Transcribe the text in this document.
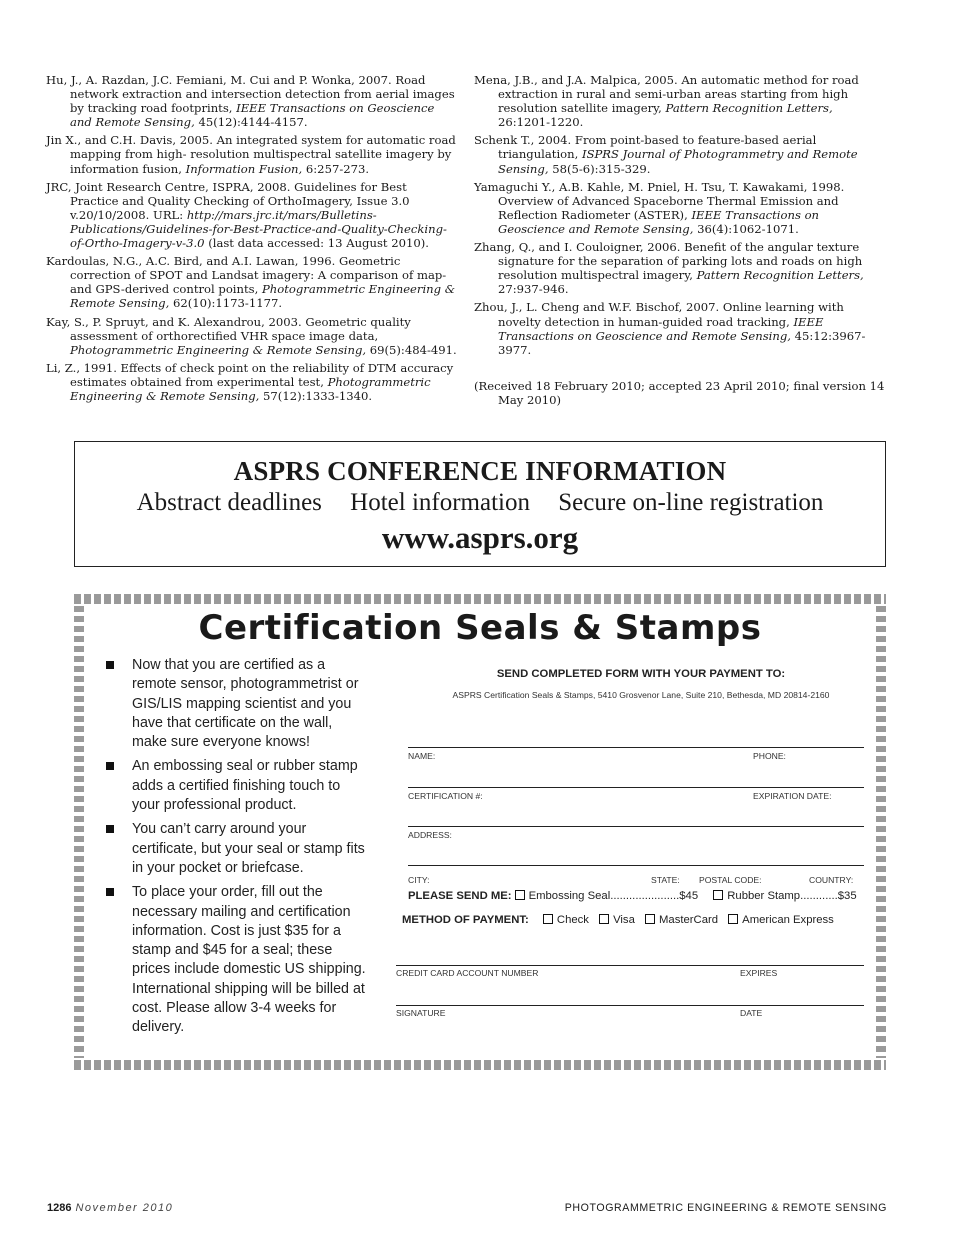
Hu, J., A. Razdan, J.C. Femiani, M. Cui and P. Wonka, 2007. Road network extraction and intersection detection from aerial images by tracking road footprints, IEEE Transactions on Geoscience and Remote Sensing, 45(12):4144-4157.

Jin X., and C.H. Davis, 2005. An integrated system for automatic road mapping from high- resolution multispectral satellite imagery by information fusion, Information Fusion, 6:257-273.

JRC, Joint Research Centre, ISPRA, 2008. Guidelines for Best Practice and Quality Checking of OrthoImagery, Issue 3.0 v.20/10/2008. URL: http://mars.jrc.it/mars/Bulletins-Publications/Guidelines-for-Best-Practice-and-Quality-Checking-of-Ortho-Imagery-v-3.0 (last data accessed: 13 August 2010).

Kardoulas, N.G., A.C. Bird, and A.I. Lawan, 1996. Geometric correction of SPOT and Landsat imagery: A comparison of map- and GPS-derived control points, Photogrammetric Engineering & Remote Sensing, 62(10):1173-1177.

Kay, S., P. Spruyt, and K. Alexandrou, 2003. Geometric quality assessment of orthorectified VHR space image data, Photogrammetric Engineering & Remote Sensing, 69(5):484-491.

Li, Z., 1991. Effects of check point on the reliability of DTM accuracy estimates obtained from experimental test, Photogrammetric Engineering & Remote Sensing, 57(12):1333-1340.

Mena, J.B., and J.A. Malpica, 2005. An automatic method for road extraction in rural and semi-urban areas starting from high resolution satellite imagery, Pattern Recognition Letters, 26:1201-1220.

Schenk T., 2004. From point-based to feature-based aerial triangulation, ISPRS Journal of Photogrammetry and Remote Sensing, 58(5-6):315-329.

Yamaguchi Y., A.B. Kahle, M. Pniel, H. Tsu, T. Kawakami, 1998. Overview of Advanced Spaceborne Thermal Emission and Reflection Radiometer (ASTER), IEEE Transactions on Geoscience and Remote Sensing, 36(4):1062-1071.

Zhang, Q., and I. Couloigner, 2006. Benefit of the angular texture signature for the separation of parking lots and roads on high resolution multispectral imagery, Pattern Recognition Letters, 27:937-946.

Zhou, J., L. Cheng and W.F. Bischof, 2007. Online learning with novelty detection in human-guided road tracking, IEEE Transactions on Geoscience and Remote Sensing, 45:12:3967-3977.

(Received 18 February 2010; accepted 23 April 2010; final version 14 May 2010)

ASPRS CONFERENCE INFORMATION
Abstract deadlines Hotel information Secure on-line registration
www.asprs.org
Certification Seals & Stamps
Now that you are certified as a remote sensor, photogrammetrist or GIS/LIS mapping scientist and you have that certificate on the wall, make sure everyone knows!
An embossing seal or rubber stamp adds a certified finishing touch to your professional product.
You can’t carry around your certificate, but your seal or stamp fits in your pocket or briefcase.
To place your order, fill out the necessary mailing and certification information. Cost is just $35 for a stamp and $45 for a seal; these prices include domestic US shipping. International shipping will be billed at cost. Please allow 3-4 weeks for delivery.
SEND COMPLETED FORM WITH YOUR PAYMENT TO:
ASPRS Certification Seals & Stamps, 5410 Grosvenor Lane, Suite 210, Bethesda, MD 20814-2160
NAME:	PHONE:
CERTIFICATION #:	EXPIRATION DATE:
ADDRESS:
CITY:	STATE: POSTAL CODE:	COUNTRY:
PLEASE SEND ME: Embossing Seal......................$45	Rubber Stamp............$35
METHOD OF PAYMENT: Check Visa MasterCard American Express
CREDIT CARD ACCOUNT NUMBER	EXPIRES
SIGNATURE	DATE
1286 November 2010	PHOTOGRAMMETRIC ENGINEERING & REMOTE SENSING
